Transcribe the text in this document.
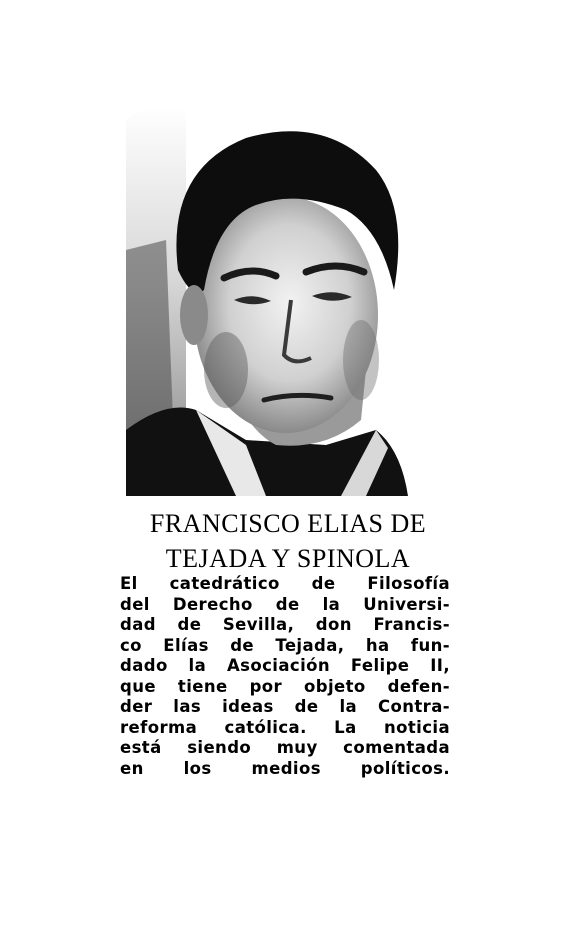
FRANCISCO ELIAS DE
TEJADA Y SPINOLA
El catedrático de Filosofía
del Derecho de la Universi-
dad de Sevilla, don Francis-
co Elías de Tejada, ha fun-
dado la Asociación Felipe II,
que tiene por objeto defen-
der las ideas de la Contra-
reforma católica. La noticia
está siendo muy comentada
en los medios políticos.
